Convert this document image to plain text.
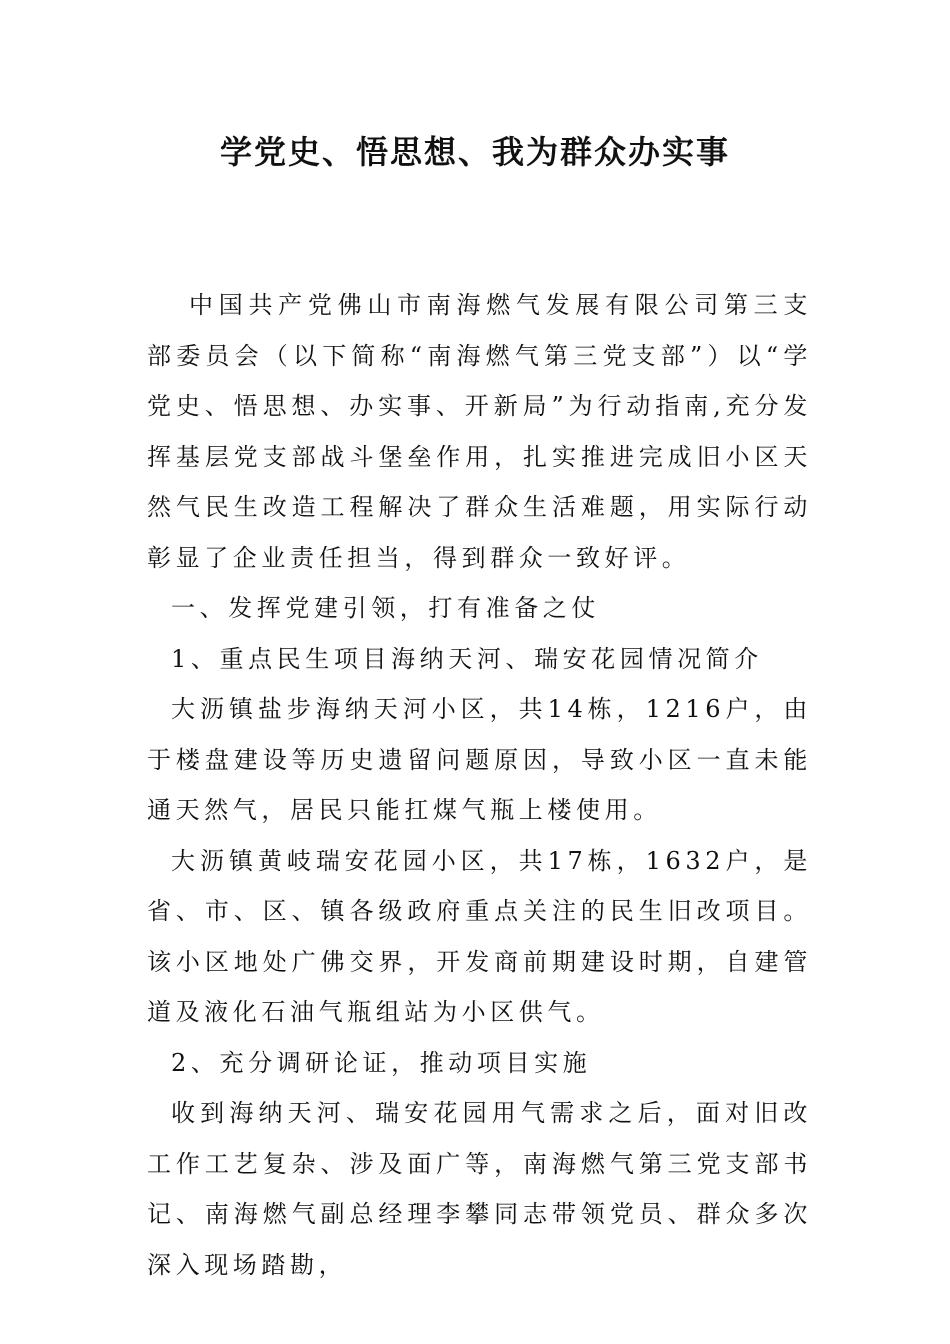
学党史、悟思想、我为群众办实事

中国共产党佛山市南海燃气发展有限公司第三支部委员会（以下简称“南海燃气第三党支部”）以“学党史、悟思想、办实事、开新局”为行动指南,充分发挥基层党支部战斗堡垒作用，扎实推进完成旧小区天然气民生改造工程解决了群众生活难题，用实际行动彰显了企业责任担当，得到群众一致好评。

一、发挥党建引领，打有准备之仗

1、重点民生项目海纳天河、瑞安花园情况简介

大沥镇盐步海纳天河小区，共14栋，1216户，由于楼盘建设等历史遗留问题原因，导致小区一直未能通天然气，居民只能扛煤气瓶上楼使用。

大沥镇黄岐瑞安花园小区，共17栋，1632户，是省、市、区、镇各级政府重点关注的民生旧改项目。该小区地处广佛交界，开发商前期建设时期，自建管道及液化石油气瓶组站为小区供气。

2、充分调研论证，推动项目实施

收到海纳天河、瑞安花园用气需求之后，面对旧改工作工艺复杂、涉及面广等，南海燃气第三党支部书记、南海燃气副总经理李攀同志带领党员、群众多次深入现场踏勘，
